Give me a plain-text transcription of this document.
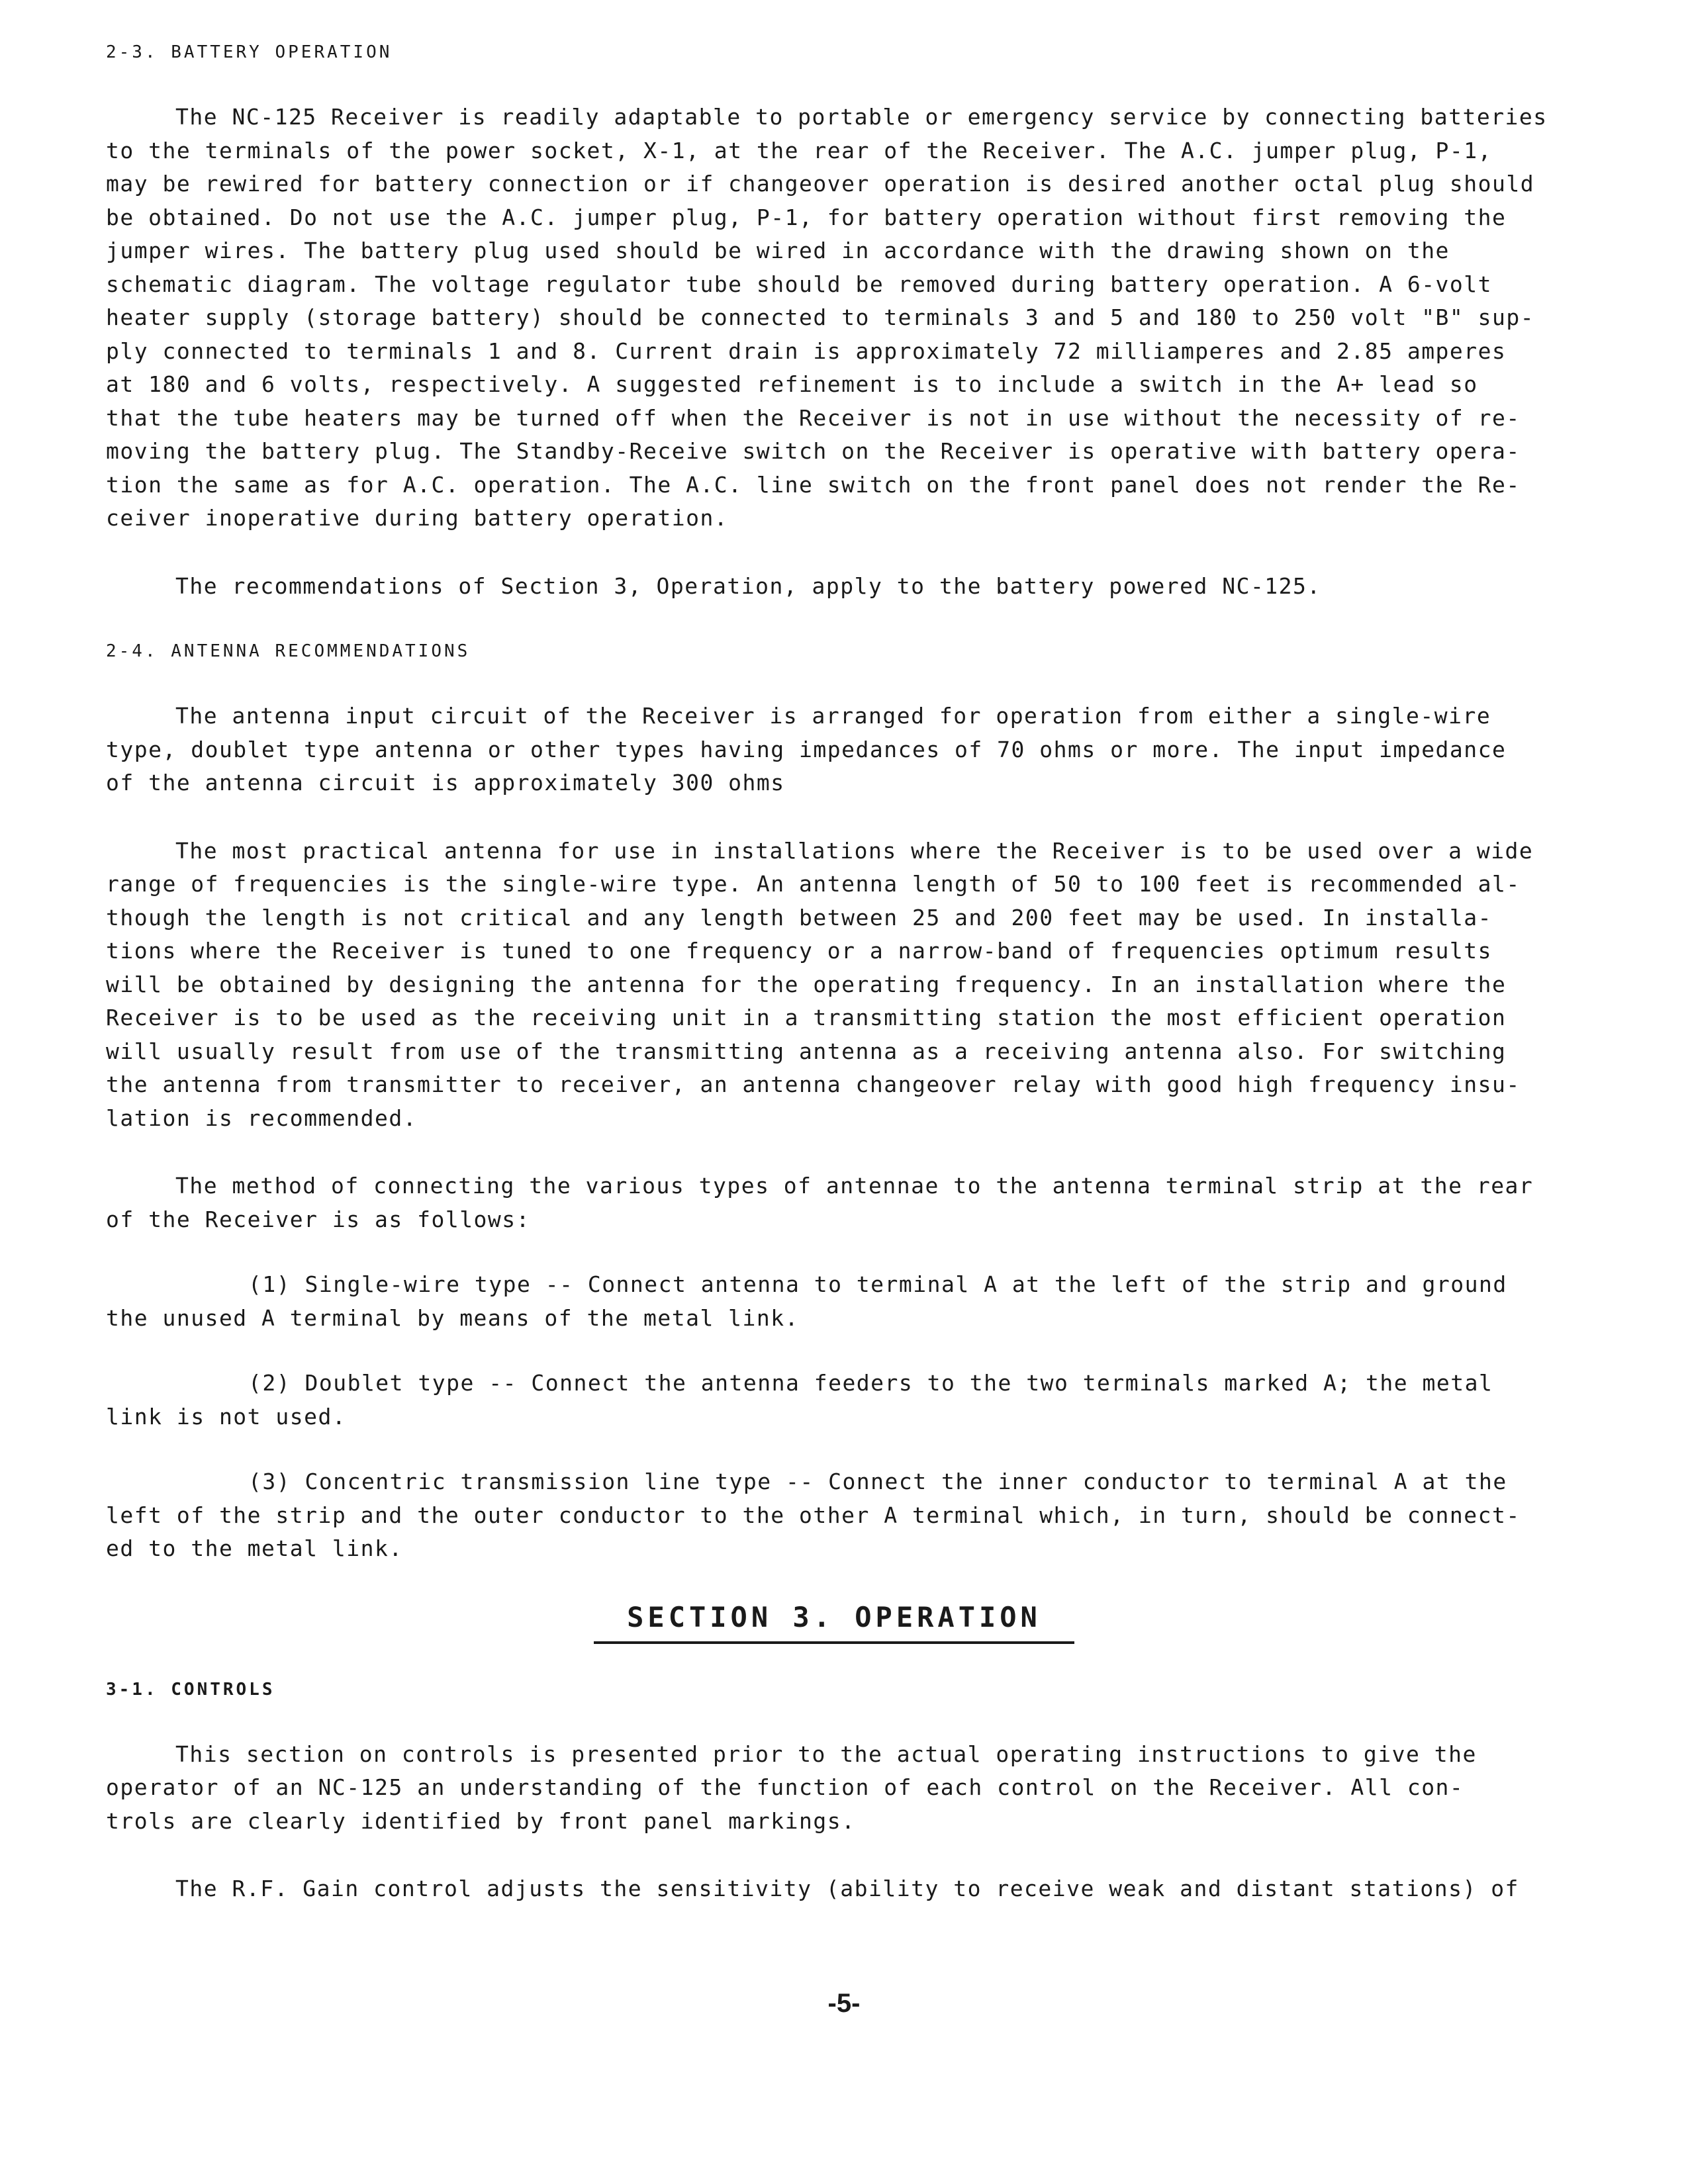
2-3. BATTERY OPERATION

The NC-125 Receiver is readily adaptable to portable or emergency service by connecting batteries
to the terminals of the power socket, X-1, at the rear of the Receiver. The A.C. jumper plug, P-1,
may be rewired for battery connection or if changeover operation is desired another octal plug should
be obtained. Do not use the A.C. jumper plug, P-1, for battery operation without first removing the
jumper wires. The battery plug used should be wired in accordance with the drawing shown on the
schematic diagram. The voltage regulator tube should be removed during battery operation. A 6-volt
heater supply (storage battery) should be connected to terminals 3 and 5 and 180 to 250 volt "B" sup-
ply connected to terminals 1 and 8. Current drain is approximately 72 milliamperes and 2.85 amperes
at 180 and 6 volts, respectively. A suggested refinement is to include a switch in the A+ lead so
that the tube heaters may be turned off when the Receiver is not in use without the necessity of re-
moving the battery plug. The Standby-Receive switch on the Receiver is operative with battery opera-
tion the same as for A.C. operation. The A.C. line switch on the front panel does not render the Re-
ceiver inoperative during battery operation.

The recommendations of Section 3, Operation, apply to the battery powered NC-125.

2-4. ANTENNA RECOMMENDATIONS

The antenna input circuit of the Receiver is arranged for operation from either a single-wire
type, doublet type antenna or other types having impedances of 70 ohms or more. The input impedance
of the antenna circuit is approximately 300 ohms

The most practical antenna for use in installations where the Receiver is to be used over a wide
range of frequencies is the single-wire type. An antenna length of 50 to 100 feet is recommended al-
though the length is not critical and any length between 25 and 200 feet may be used. In installa-
tions where the Receiver is tuned to one frequency or a narrow-band of frequencies optimum results
will be obtained by designing the antenna for the operating frequency. In an installation where the
Receiver is to be used as the receiving unit in a transmitting station the most efficient operation
will usually result from use of the transmitting antenna as a receiving antenna also. For switching
the antenna from transmitter to receiver, an antenna changeover relay with good high frequency insu-
lation is recommended.

The method of connecting the various types of antennae to the antenna terminal strip at the rear
of the Receiver is as follows:

(1) Single-wire type -- Connect antenna to terminal A at the left of the strip and ground
the unused A terminal by means of the metal link.

(2) Doublet type -- Connect the antenna feeders to the two terminals marked A; the metal
link is not used.

(3) Concentric transmission line type -- Connect the inner conductor to terminal A at the
left of the strip and the outer conductor to the other A terminal which, in turn, should be connect-
ed to the metal link.

SECTION 3. OPERATION

3-1. CONTROLS

This section on controls is presented prior to the actual operating instructions to give the
operator of an NC-125 an understanding of the function of each control on the Receiver. All con-
trols are clearly identified by front panel markings.

The R.F. Gain control adjusts the sensitivity (ability to receive weak and distant stations) of

-5-
